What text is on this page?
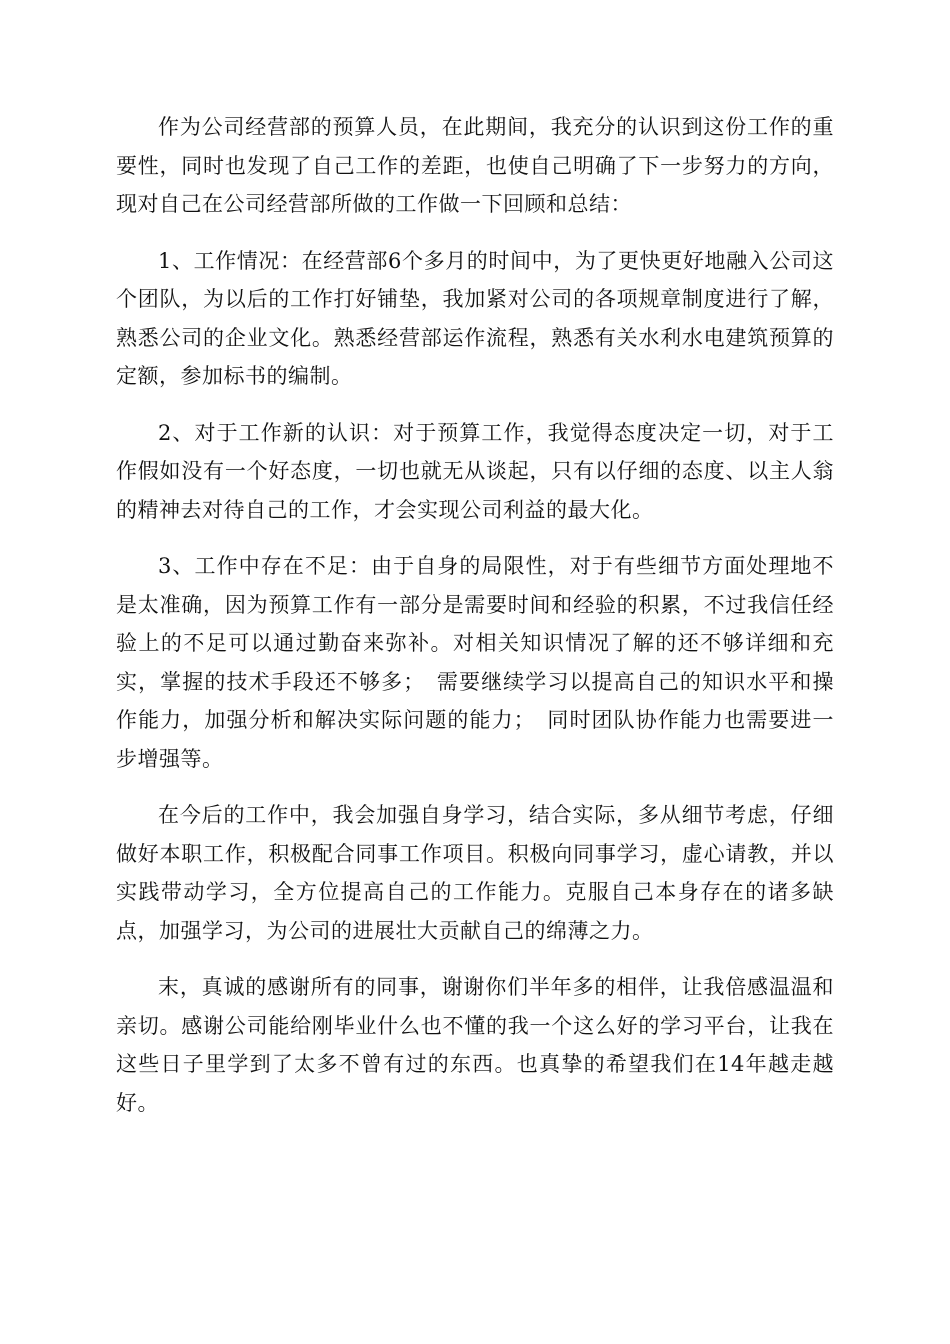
作为公司经营部的预算人员，在此期间，我充分的认识到这份工作的重要性，同时也发现了自己工作的差距，也使自己明确了下一步努力的方向，现对自己在公司经营部所做的工作做一下回顾和总结：

1、工作情况：在经营部6个多月的时间中，为了更快更好地融入公司这个团队，为以后的工作打好铺垫，我加紧对公司的各项规章制度进行了解，熟悉公司的企业文化。熟悉经营部运作流程，熟悉有关水利水电建筑预算的定额，参加标书的编制。

2、对于工作新的认识：对于预算工作，我觉得态度决定一切，对于工作假如没有一个好态度，一切也就无从谈起，只有以仔细的态度、以主人翁的精神去对待自己的工作，才会实现公司利益的最大化。

3、工作中存在不足：由于自身的局限性，对于有些细节方面处理地不是太准确，因为预算工作有一部分是需要时间和经验的积累，不过我信任经验上的不足可以通过勤奋来弥补。对相关知识情况了解的还不够详细和充实，掌握的技术手段还不够多；　需要继续学习以提高自己的知识水平和操作能力，加强分析和解决实际问题的能力；　同时团队协作能力也需要进一步增强等。

在今后的工作中，我会加强自身学习，结合实际，多从细节考虑，仔细做好本职工作，积极配合同事工作项目。积极向同事学习，虚心请教，并以实践带动学习，全方位提高自己的工作能力。克服自己本身存在的诸多缺点，加强学习，为公司的进展壮大贡献自己的绵薄之力。

末，真诚的感谢所有的同事，谢谢你们半年多的相伴，让我倍感温温和亲切。感谢公司能给刚毕业什么也不懂的我一个这么好的学习平台，让我在这些日子里学到了太多不曾有过的东西。也真挚的希望我们在14年越走越好。
